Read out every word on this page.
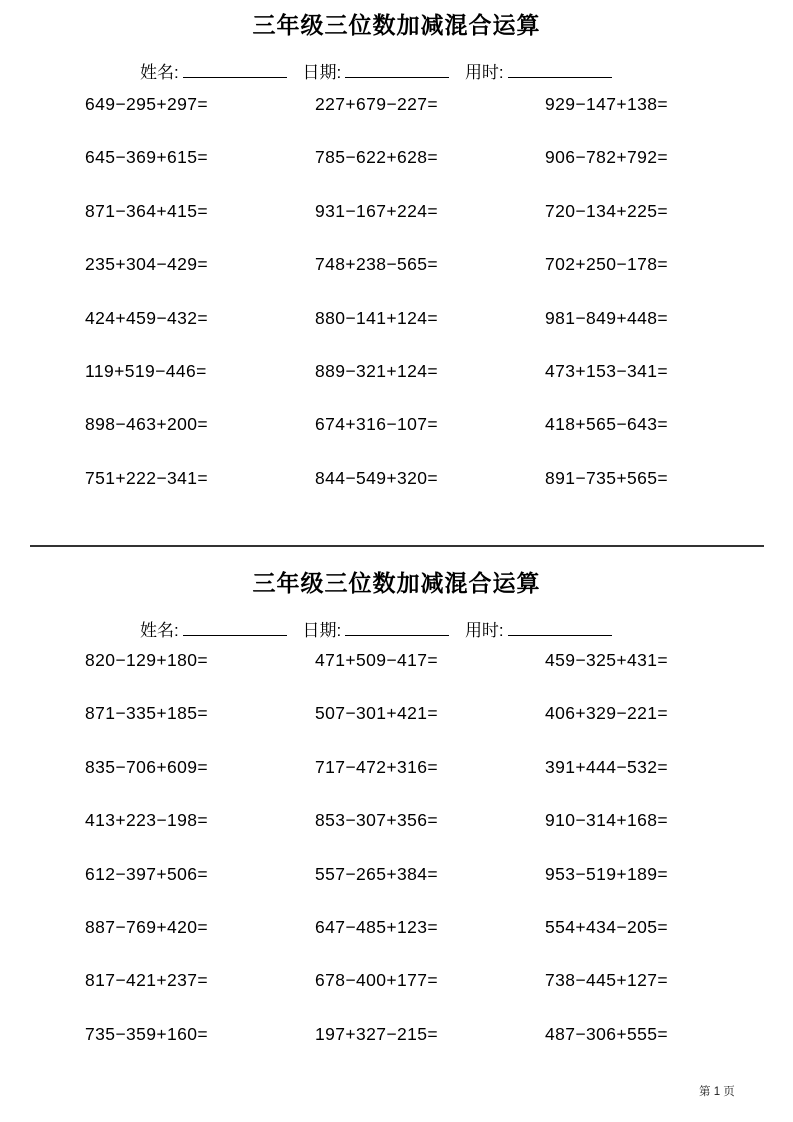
三年级三位数加减混合运算
姓名:	日期:	用时:
649−295+297=	227+679−227=	929−147+138=
645−369+615=	785−622+628=	906−782+792=
871−364+415=	931−167+224=	720−134+225=
235+304−429=	748+238−565=	702+250−178=
424+459−432=	880−141+124=	981−849+448=
119+519−446=	889−321+124=	473+153−341=
898−463+200=	674+316−107=	418+565−643=
751+222−341=	844−549+320=	891−735+565=
三年级三位数加减混合运算
姓名:	日期:	用时:
820−129+180=	471+509−417=	459−325+431=
871−335+185=	507−301+421=	406+329−221=
835−706+609=	717−472+316=	391+444−532=
413+223−198=	853−307+356=	910−314+168=
612−397+506=	557−265+384=	953−519+189=
887−769+420=	647−485+123=	554+434−205=
817−421+237=	678−400+177=	738−445+127=
735−359+160=	197+327−215=	487−306+555=
第 1 页
